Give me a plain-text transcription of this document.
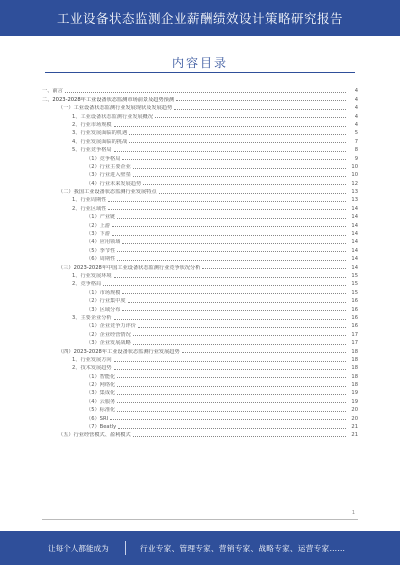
工业设备状态监测企业薪酬绩效设计策略研究报告
内容目录
一、前言	4
二、2023-2028年工业设备状态监测市场前景及趋势预测	4
（一）工业设备状态监测行业发展现状及发展趋势	4
1、工业设备状态监测行业发展概况	4
2、行业市场规模	4
3、行业发展面临的机遇	5
4、行业发展面临的挑战	7
5、行业竞争格局	8
（1）竞争格局	9
（2）行业主要企业	10
（3）行业进入壁垒	10
（4）行业未来发展趋势	12
（二）我国工业设备状态监测行业发展特点	13
1、行业周期性	13
2、行业区域性	14
（1）产业链	14
（2）上游	14
（3）下游	14
（4）应用领域	14
（5）季节性	14
（6）周期性	14
（三）2023-2028年中国工业设备状态监测行业竞争状况分析	14
1、行业发展环境	15
2、竞争格局	15
（1）市场规模	15
（2）行业集中度	16
（3）区域分布	16
3、主要企业分析	16
（1）企业竞争力评价	16
（2）企业经营情况	17
（3）企业发展战略	17
（四）2023-2028年工业设备状态监测行业发展趋势	18
1、行业发展方向	18
2、技术发展趋势	18
（1）智能化	18
（2）网络化	18
（3）集成化	19
（4）云服务	19
（5）标准化	20
（6）SRI	20
（7）Beatly	21
（五）行业经营模式、盈利模式	21
1
让每个人都能成为	行业专家、管理专家、营销专家、战略专家、运营专家……
